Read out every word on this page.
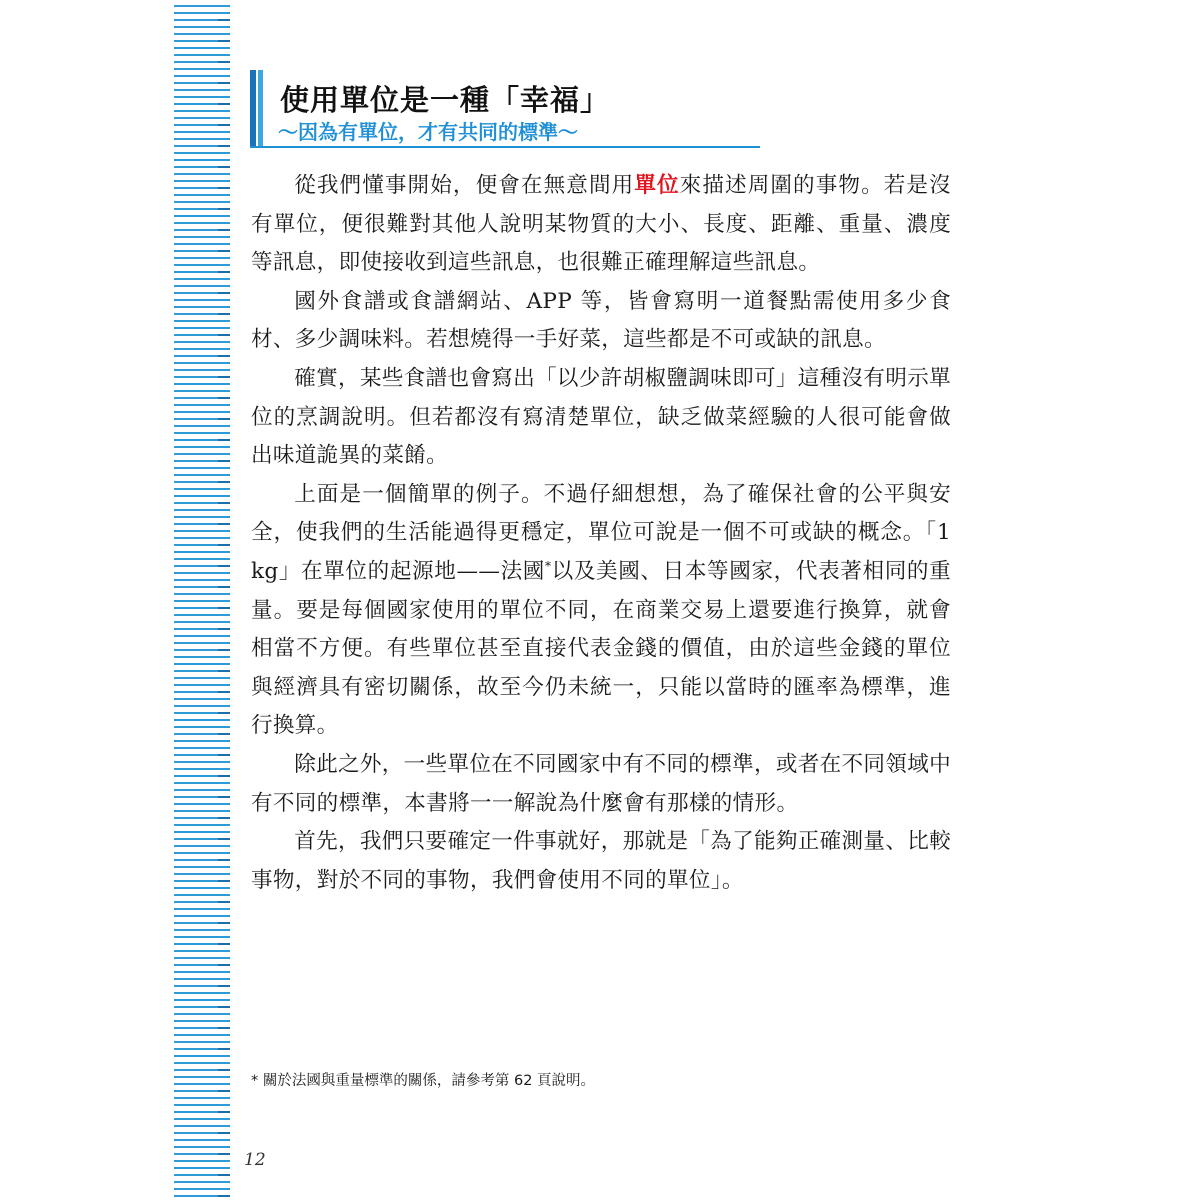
使用單位是一種「幸福」
～因為有單位，才有共同的標準～

從我們懂事開始，便會在無意間用單位來描述周圍的事物。若是沒有單位，便很難對其他人說明某物質的大小、長度、距離、重量、濃度等訊息，即使接收到這些訊息，也很難正確理解這些訊息。

國外食譜或食譜網站、APP 等，皆會寫明一道餐點需使用多少食材、多少調味料。若想燒得一手好菜，這些都是不可或缺的訊息。

確實，某些食譜也會寫出「以少許胡椒鹽調味即可」這種沒有明示單位的烹調說明。但若都沒有寫清楚單位，缺乏做菜經驗的人很可能會做出味道詭異的菜餚。

上面是一個簡單的例子。不過仔細想想，為了確保社會的公平與安全，使我們的生活能過得更穩定，單位可說是一個不可或缺的概念。「1 kg」在單位的起源地——法國*以及美國、日本等國家，代表著相同的重量。要是每個國家使用的單位不同，在商業交易上還要進行換算，就會相當不方便。有些單位甚至直接代表金錢的價值，由於這些金錢的單位與經濟具有密切關係，故至今仍未統一，只能以當時的匯率為標準，進行換算。

除此之外，一些單位在不同國家中有不同的標準，或者在不同領域中有不同的標準，本書將一一解說為什麼會有那樣的情形。

首先，我們只要確定一件事就好，那就是「為了能夠正確測量、比較事物，對於不同的事物，我們會使用不同的單位」。

* 關於法國與重量標準的關係，請參考第 62 頁說明。
12
